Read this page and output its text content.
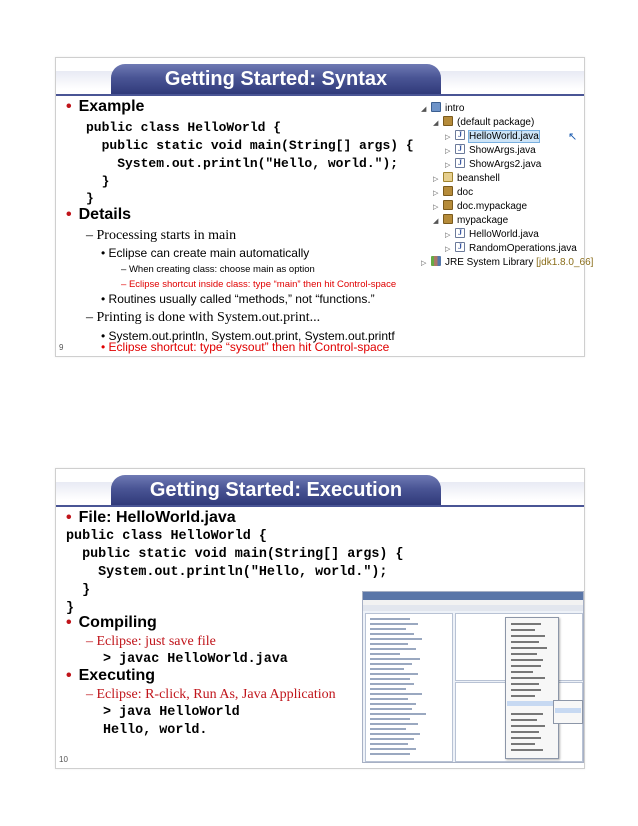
Getting Started: Syntax
• Example
public class HelloWorld {
public static void main(String[] args) {
System.out.println("Hello, world.");
}
}
• Details
– Processing starts in main
• Eclipse can create main automatically
– When creating class: choose main as option
– Eclipse shortcut inside class: type “main” then hit Control-space
• Routines usually called “methods,” not “functions.”
– Printing is done with System.out.print...
• System.out.println, System.out.print, System.out.printf
• Eclipse shortcut: type “sysout” then hit Control-space
9
◢ intro
◢ (default package)
▷ J HelloWorld.java	↖
▷ J ShowArgs.java
▷ J ShowArgs2.java
▷ beanshell
▷ doc
▷ doc.mypackage
◢ mypackage
▷ J HelloWorld.java
▷ J RandomOperations.java
▷ JRE System Library [jdk1.8.0_66]
Getting Started: Execution
• File: HelloWorld.java
public class HelloWorld {
public static void main(String[] args) {
System.out.println("Hello, world.");
}
}
• Compiling
– Eclipse: just save file
> javac HelloWorld.java
• Executing
– Eclipse: R-click, Run As, Java Application
> java HelloWorld
Hello, world.
10
